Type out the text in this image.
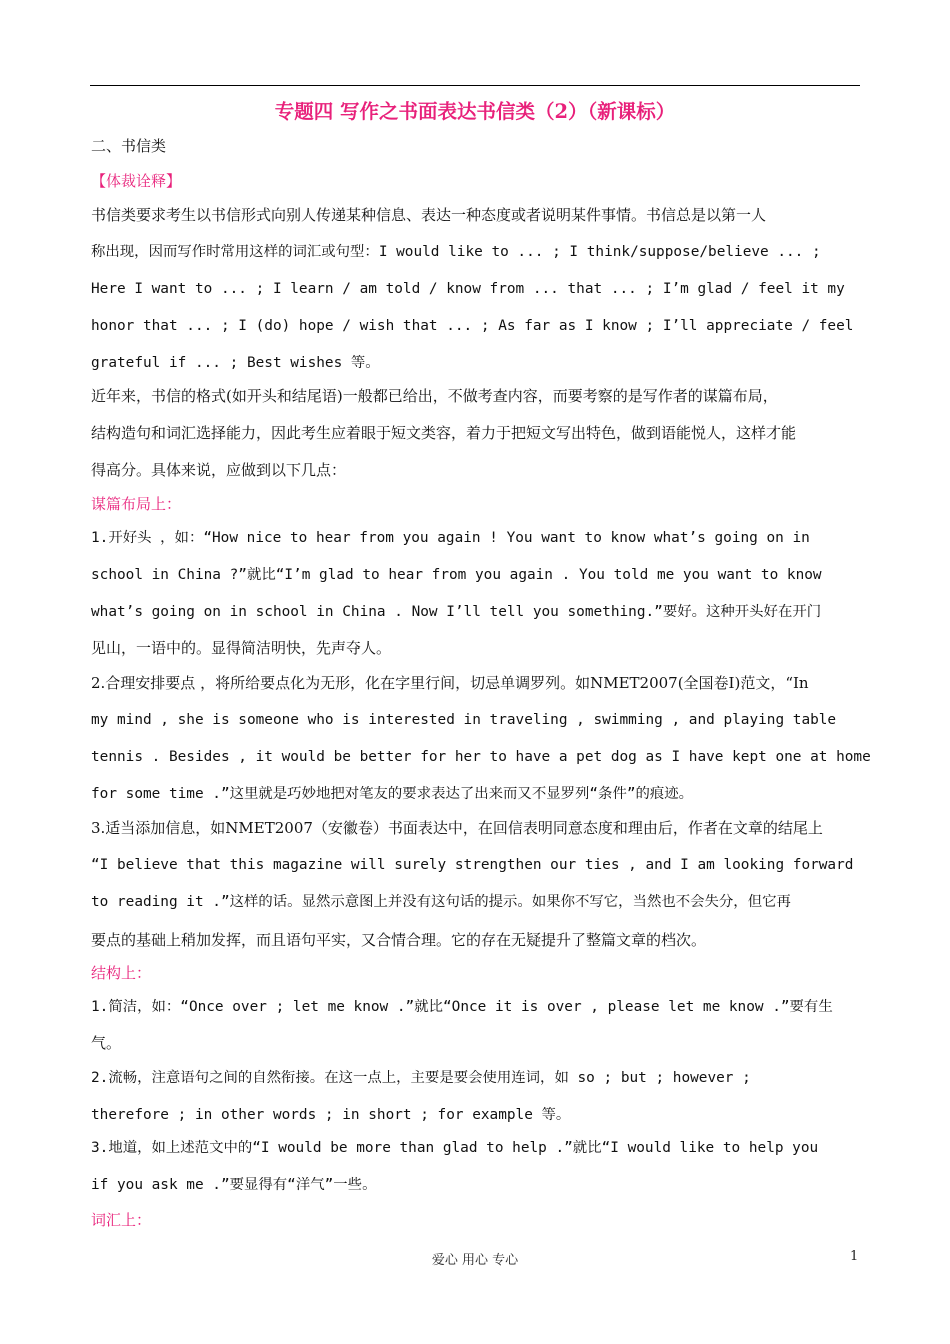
专题四 写作之书面表达书信类（2）（新课标）
二、书信类
【体裁诠释】
书信类要求考生以书信形式向别人传递某种信息、表达一种态度或者说明某件事情。书信总是以第一人
称出现，因而写作时常用这样的词汇或句型：I would like to ... ; I think/suppose/believe ... ;
Here I want to ... ; I learn / am told / know from ... that ... ; I’m glad / feel it my
honor that ... ; I (do) hope / wish that ... ; As far as I know ; I’ll appreciate / feel
grateful if ... ; Best wishes 等。
近年来，书信的格式(如开头和结尾语)一般都已给出，不做考查内容，而要考察的是写作者的谋篇布局，
结构造句和词汇选择能力，因此考生应着眼于短文类容，着力于把短文写出特色，做到语能悦人，这样才能
得高分。具体来说，应做到以下几点：
谋篇布局上：
1.开好头 ，如：“How nice to hear from you again ! You want to know what’s going on in
school in China ?”就比“I’m glad to hear from you again . You told me you want to know
what’s going on in school in China . Now I’ll tell you something.”要好。这种开头好在开门
见山，一语中的。显得简洁明快，先声夺人。
2.合理安排要点 ，将所给要点化为无形，化在字里行间，切忌单调罗列。如NMET2007(全国卷Ⅰ)范文，“In
my mind , she is someone who is interested in traveling , swimming , and playing table
tennis . Besides , it would be better for her to have a pet dog as I have kept one at home
for some time .”这里就是巧妙地把对笔友的要求表达了出来而又不显罗列“条件”的痕迹。
3.适当添加信息，如NMET2007（安徽卷）书面表达中，在回信表明同意态度和理由后，作者在文章的结尾上
“I believe that this magazine will surely strengthen our ties , and I am looking forward
to reading it .”这样的话。显然示意图上并没有这句话的提示。如果你不写它，当然也不会失分，但它再
要点的基础上稍加发挥，而且语句平实，又合情合理。它的存在无疑提升了整篇文章的档次。
结构上：
1.简洁，如：“Once over ; let me know .”就比“Once it is over , please let me know .”要有生
气。
2.流畅，注意语句之间的自然衔接。在这一点上，主要是要会使用连词，如 so ; but ; however ;
therefore ; in other words ; in short ; for example 等。
3.地道，如上述范文中的“I would be more than glad to help .”就比“I would like to help you
if you ask me .”要显得有“洋气”一些。
词汇上：
爱心 用心 专心	1
